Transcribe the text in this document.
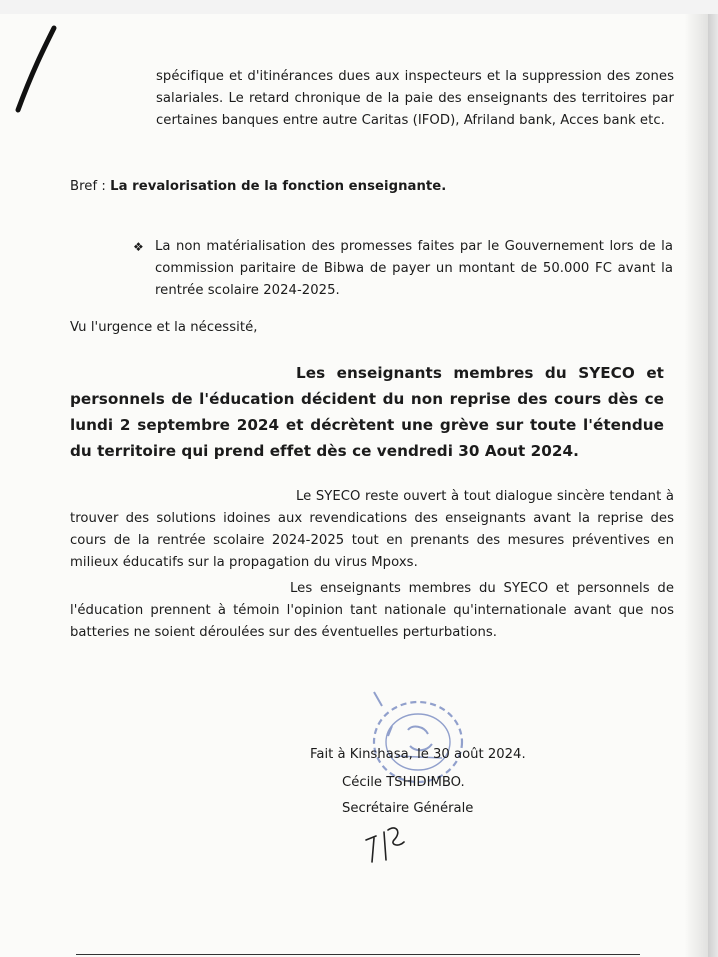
spécifique et d'itinérances dues aux inspecteurs et la suppression des zones salariales. Le retard chronique de la paie des enseignants des territoires par certaines banques entre autre Caritas (IFOD), Afriland bank, Acces bank etc.
Bref : La revalorisation de la fonction enseignante.
❖ La non matérialisation des promesses faites par le Gouvernement lors de la commission paritaire de Bibwa de payer un montant de 50.000 FC avant la rentrée scolaire 2024-2025.
Vu l'urgence et la nécessité,
Les enseignants membres du SYECO et personnels de l'éducation décident du non reprise des cours dès ce lundi 2 septembre 2024 et décrètent une grève sur toute l'étendue du territoire qui prend effet dès ce vendredi 30 Aout 2024.
Le SYECO reste ouvert à tout dialogue sincère tendant à trouver des solutions idoines aux revendications des enseignants avant la reprise des cours de la rentrée scolaire 2024-2025 tout en prenants des mesures préventives en milieux éducatifs sur la propagation du virus Mpoxs.
Les enseignants membres du SYECO et personnels de l'éducation prennent à témoin l'opinion tant nationale qu'internationale avant que nos batteries ne soient déroulées sur des éventuelles perturbations.
Fait à Kinshasa, le 30 août 2024.
Cécile TSHIDIMBO.
Secrétaire Générale
